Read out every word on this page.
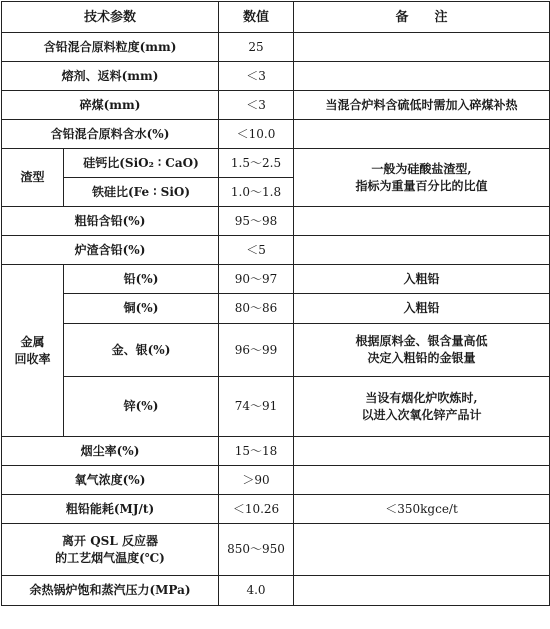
技术参数		数值	备　　注
含铅混合原料粒度(mm)		25	
熔剂、返料(mm)		＜3	
碎煤(mm)		＜3	当混合炉料含硫低时需加入碎煤补热
含铅混合原料含水(%)		＜10.0	
渣型	硅钙比(SiO₂ ∶ CaO)	1.5～2.5	一般为硅酸盐渣型,
指标为重量百分比的比值

	铁硅比(Fe ∶ SiO)	1.0～1.8	
粗铅含铅(%)		95～98	
炉渣含铅(%)		＜5	

金属
回收率	铅(%)	90～97	入粗铅
	铜(%)	80～86	入粗铅
	金、银(%)	96～99	根据原料金、银含量高低
决定入粗铅的金银量

	锌(%)	74～91	当设有烟化炉吹炼时,
以进入次氧化锌产品计

烟尘率(%)		15～18	
氧气浓度(%)		＞90	
粗铅能耗(MJ/t)		＜10.26	＜350kgce/t

离开 QSL 反应器
的工艺烟气温度(℃)		850～950	
余热锅炉饱和蒸汽压力(MPa)		4.0	
